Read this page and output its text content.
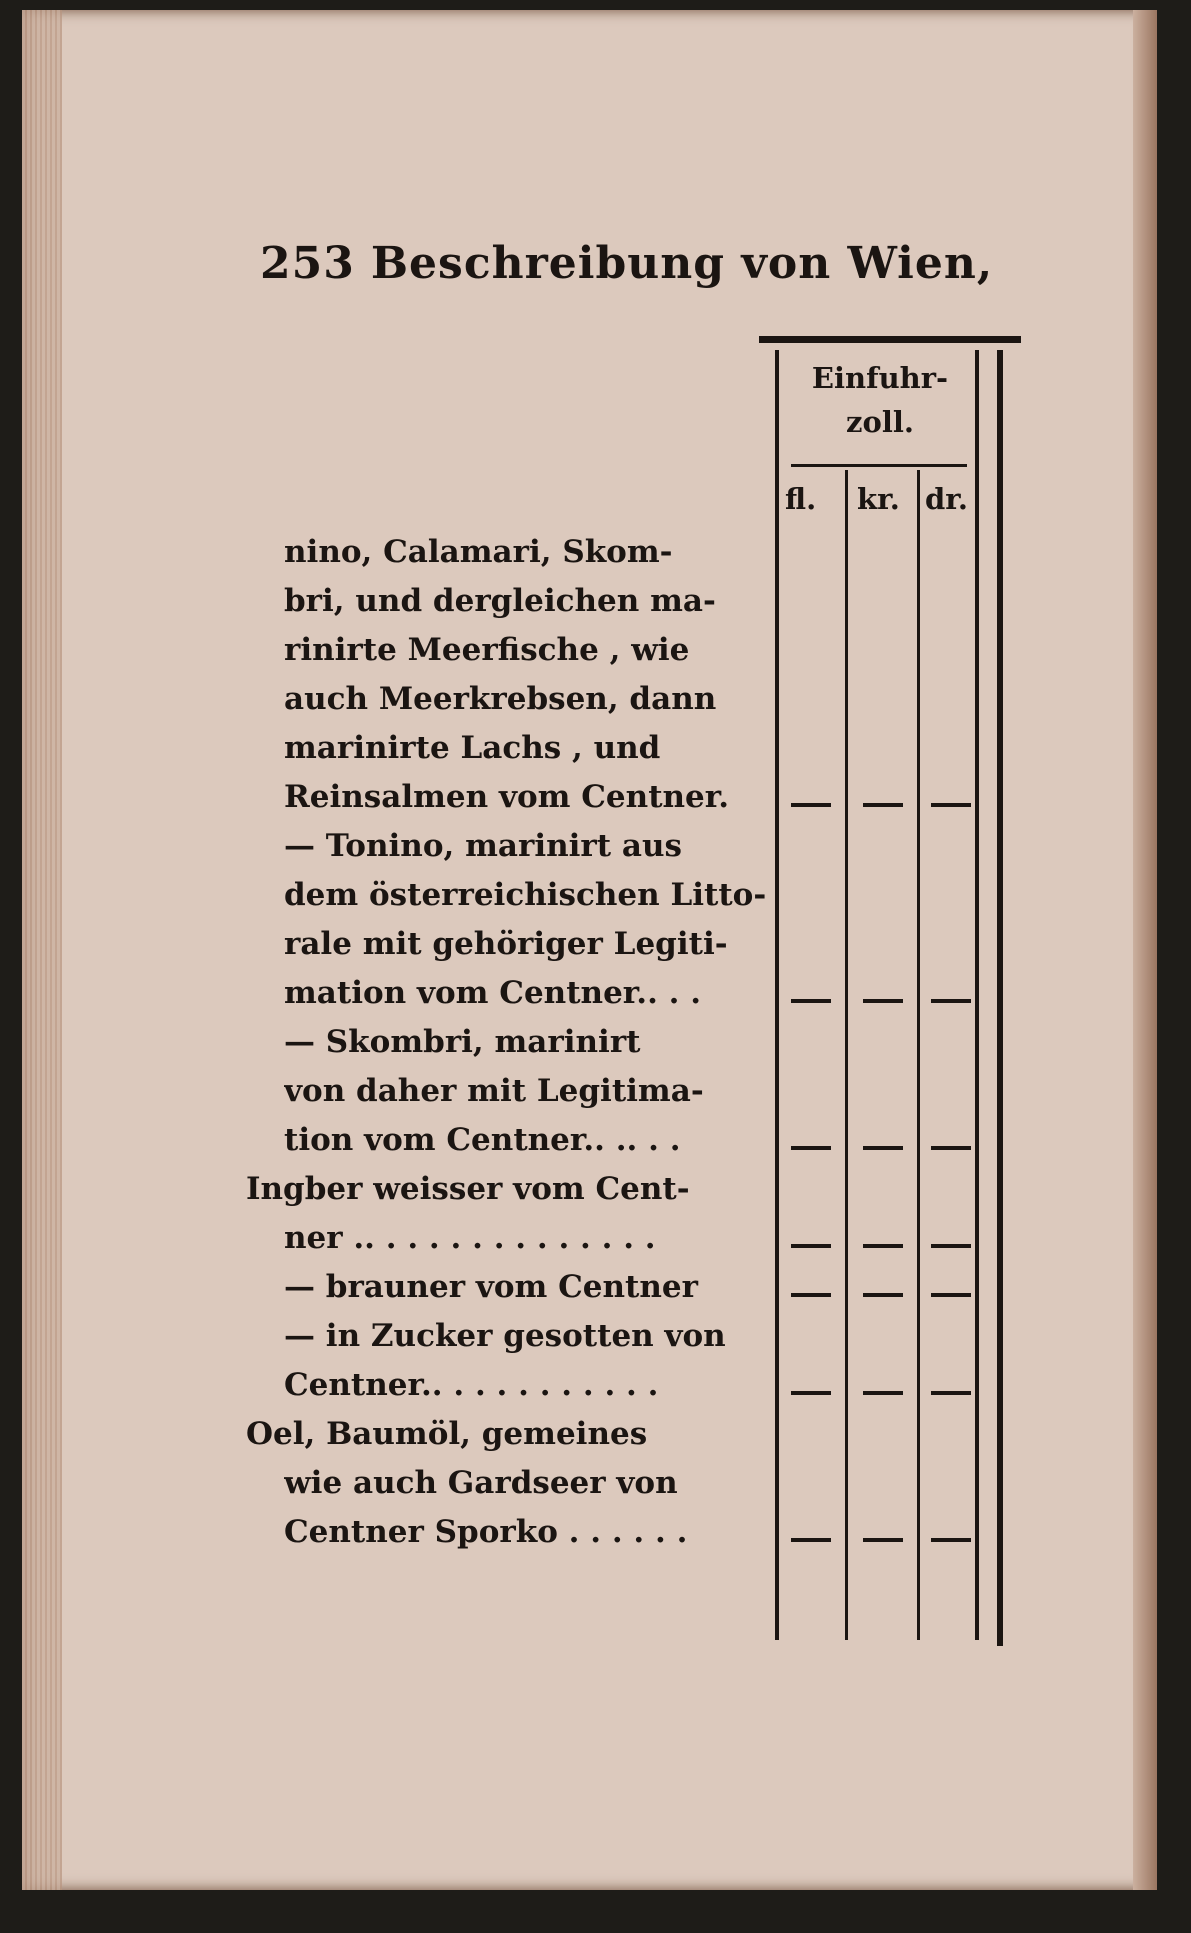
253 Beschreibung von Wien,
nino, Calamari, Skom-
bri, und dergleichen ma-
rinirte Meerfische , wie
auch Meerkrebsen, dann
marinirte Lachs , und
Reinsalmen vom Centner.
— Tonino, marinirt aus
dem österreichischen Litto-
rale mit gehöriger Legiti-
mation vom Centner.. . .
— Skombri, marinirt
von daher mit Legitima-
tion vom Centner.. .. . .
Ingber weisser vom Cent-
ner .. . . . . . . . . . . . . .
— brauner vom Centner
— in Zucker gesotten von
Centner.. . . . . . . . . . .
Oel, Baumöl, gemeines
wie auch Gardseer von
Centner Sporko . . . . . .
Einfuhr-
zoll.
fl. kr. dr.
